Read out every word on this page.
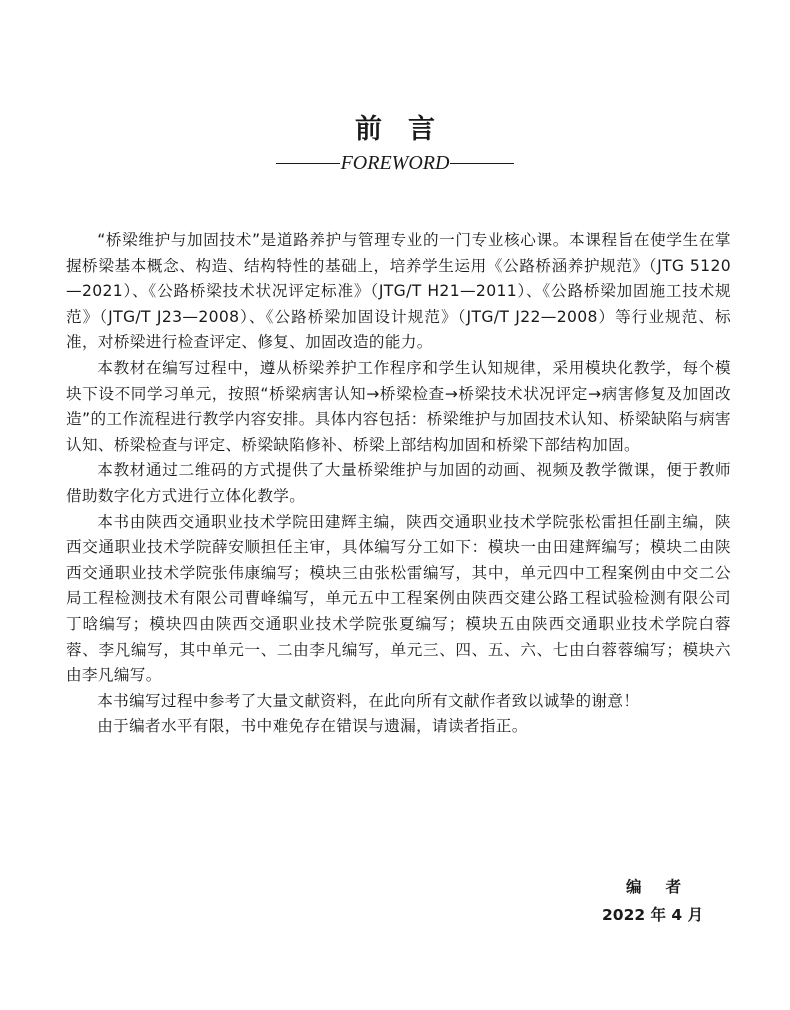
前言
FOREWORD

“桥梁维护与加固技术”是道路养护与管理专业的一门专业核心课。本课程旨在使学生在掌握桥梁基本概念、构造、结构特性的基础上，培养学生运用《公路桥涵养护规范》（JTG 5120—2021）、《公路桥梁技术状况评定标准》（JTG/T H21—2011）、《公路桥梁加固施工技术规范》（JTG/T J23—2008）、《公路桥梁加固设计规范》（JTG/T J22—2008）等行业规范、标准，对桥梁进行检查评定、修复、加固改造的能力。

本教材在编写过程中，遵从桥梁养护工作程序和学生认知规律，采用模块化教学，每个模块下设不同学习单元，按照“桥梁病害认知→桥梁检查→桥梁技术状况评定→病害修复及加固改造”的工作流程进行教学内容安排。具体内容包括：桥梁维护与加固技术认知、桥梁缺陷与病害认知、桥梁检查与评定、桥梁缺陷修补、桥梁上部结构加固和桥梁下部结构加固。

本教材通过二维码的方式提供了大量桥梁维护与加固的动画、视频及教学微课，便于教师借助数字化方式进行立体化教学。

本书由陕西交通职业技术学院田建辉主编，陕西交通职业技术学院张松雷担任副主编，陕西交通职业技术学院薛安顺担任主审，具体编写分工如下：模块一由田建辉编写；模块二由陕西交通职业技术学院张伟康编写；模块三由张松雷编写，其中，单元四中工程案例由中交二公局工程检测技术有限公司曹峰编写，单元五中工程案例由陕西交建公路工程试验检测有限公司丁晗编写；模块四由陕西交通职业技术学院张夏编写；模块五由陕西交通职业技术学院白蓉蓉、李凡编写，其中单元一、二由李凡编写，单元三、四、五、六、七由白蓉蓉编写；模块六由李凡编写。

本书编写过程中参考了大量文献资料，在此向所有文献作者致以诚挚的谢意！

由于编者水平有限，书中难免存在错误与遗漏，请读者指正。

编者
2022 年 4 月
